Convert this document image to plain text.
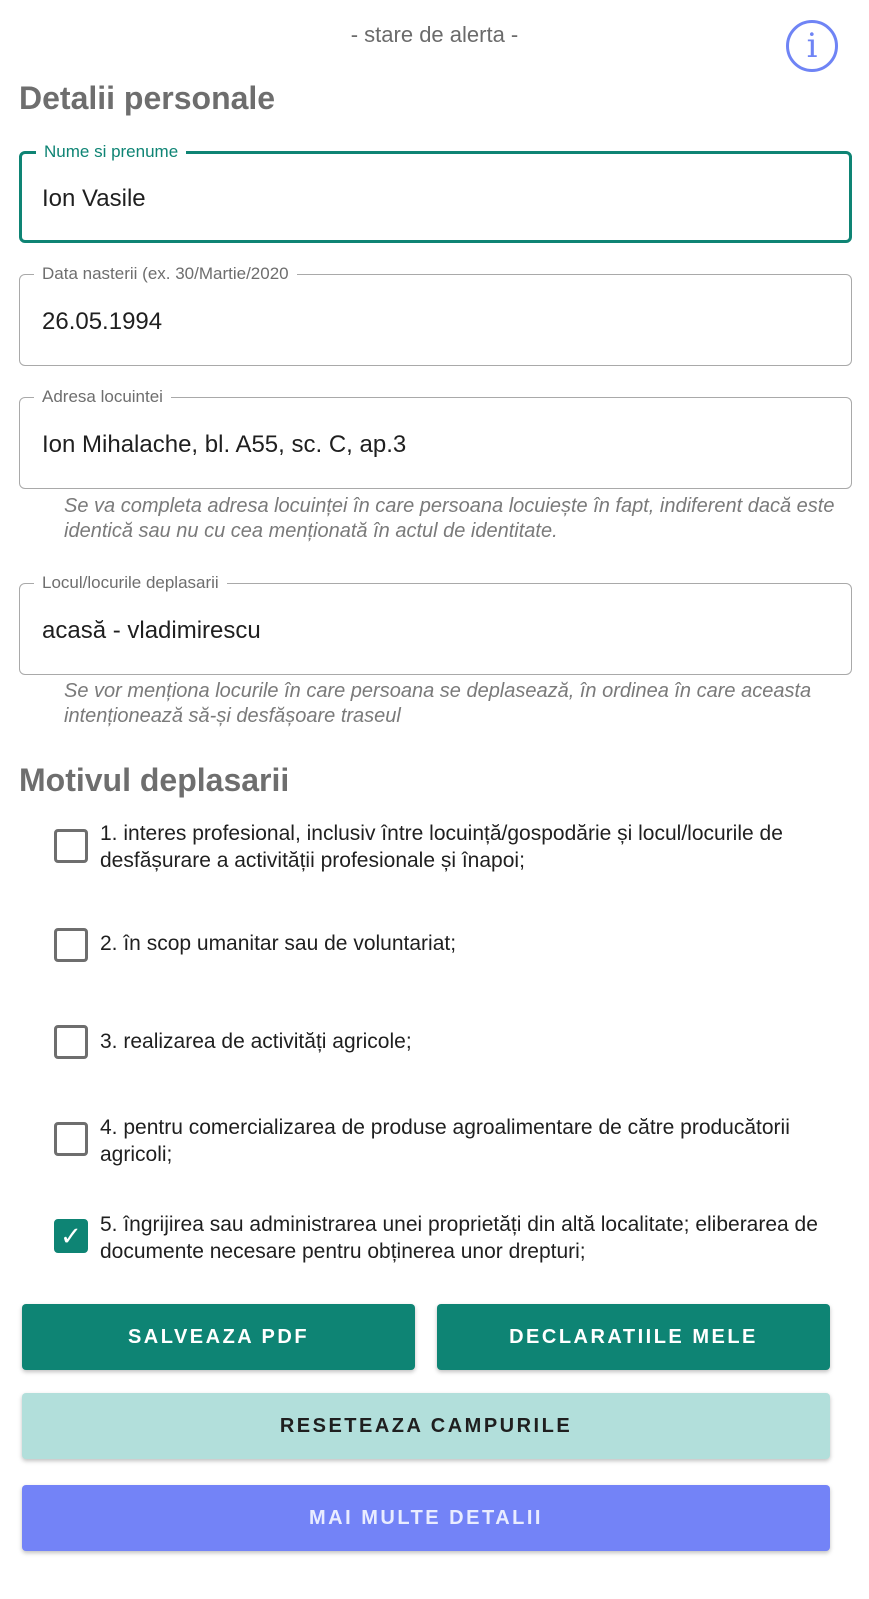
- stare de alerta -	i
Detalii personale
Nume si prenume
Ion Vasile
Data nasterii (ex. 30/Martie/2020
26.05.1994
Adresa locuintei
Ion Mihalache, bl. A55, sc. C, ap.3
Se va completa adresa locuinței în care persoana locuiește în fapt, indiferent dacă este identică sau nu cu cea menționată în actul de identitate.
Locul/locurile deplasarii
acasă - vladimirescu
Se vor menționa locurile în care persoana se deplasează, în ordinea în care aceasta intenționează să-și desfășoare traseul
Motivul deplasarii
1. interes profesional, inclusiv între locuință/gospodărie și locul/locurile de desfășurare a activității profesionale și înapoi;
2. în scop umanitar sau de voluntariat;
3. realizarea de activități agricole;
4. pentru comercializarea de produse agroalimentare de către producătorii agricoli;
✓ 5. îngrijirea sau administrarea unei proprietăți din altă localitate; eliberarea de documente necesare pentru obținerea unor drepturi;
SALVEAZA PDF	DECLARATIILE MELE
RESETEAZA CAMPURILE
MAI MULTE DETALII
